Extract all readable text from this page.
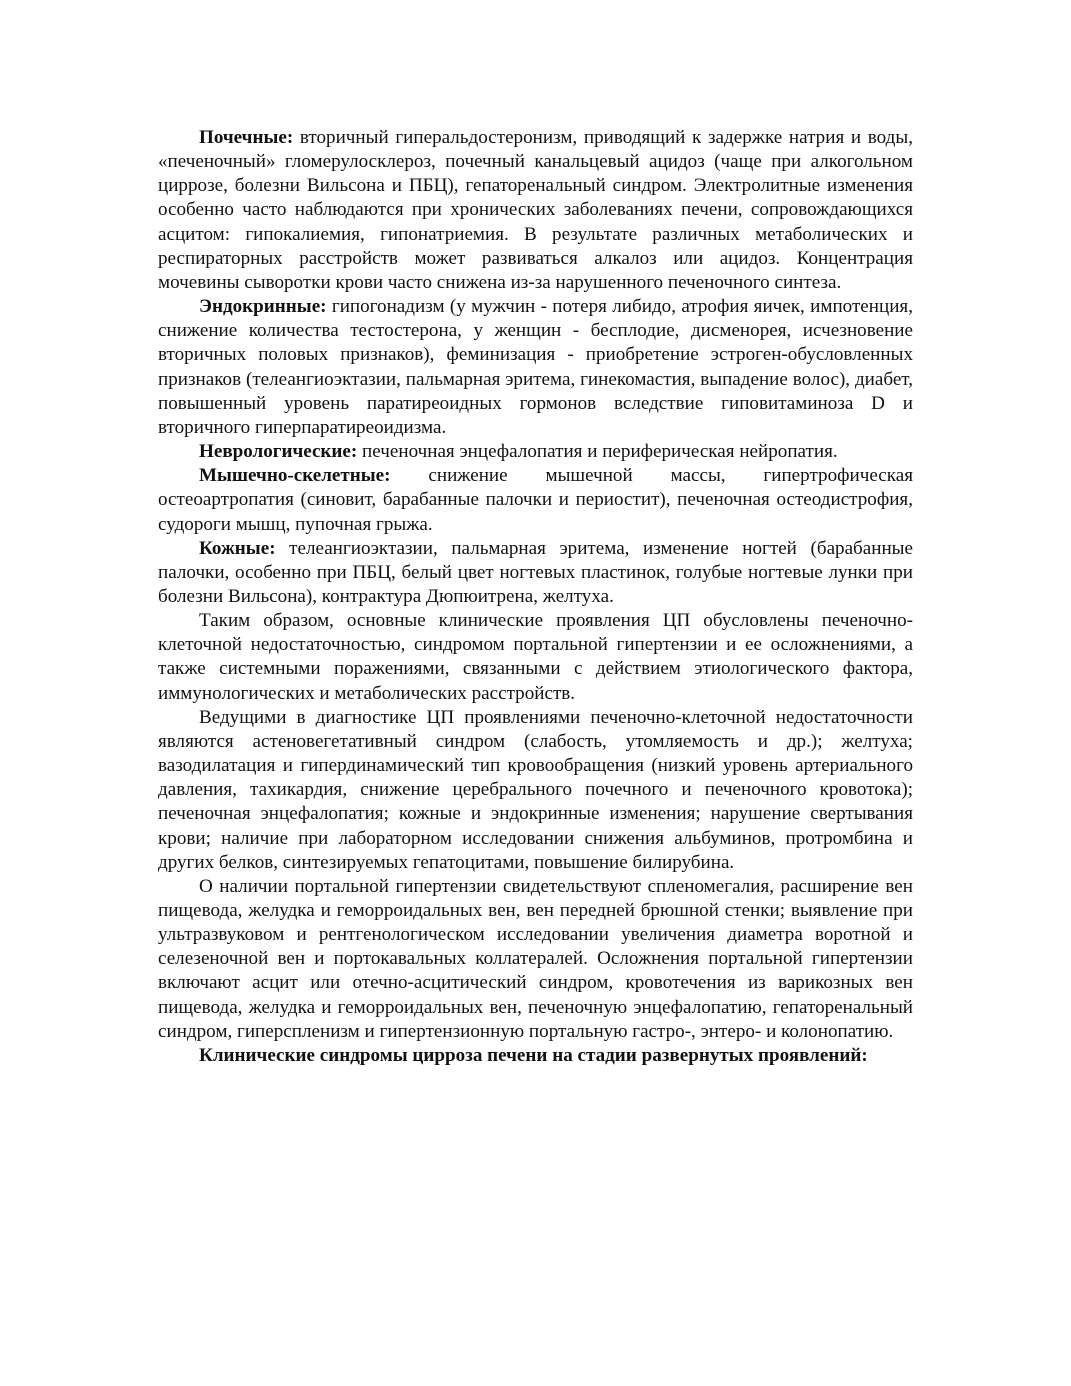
Почечные: вторичный гиперальдостеронизм, приводящий к задержке натрия и воды, «печеночный» гломерулосклероз, почечный канальцевый ацидоз (чаще при алкогольном циррозе, болезни Вильсона и ПБЦ), гепаторенальный синдром. Электролитные изменения особенно часто наблюдаются при хронических заболеваниях печени, сопровождающихся асцитом: гипокалиемия, гипонатриемия. В результате различных метаболических и респираторных расстройств может развиваться алкалоз или ацидоз. Концентрация мочевины сыворотки крови часто снижена из-за нарушенного печеночного синтеза.

Эндокринные: гипогонадизм (у мужчин - потеря либидо, атрофия яичек, импотенция, снижение количества тестостерона, у женщин - бесплодие, дисменорея, исчезновение вторичных половых признаков), феминизация - приобретение эстроген-обусловленных признаков (телеангиоэктазии, пальмарная эритема, гинекомастия, выпадение волос), диабет, повышенный уровень паратиреоидных гормонов вследствие гиповитаминоза D и вторичного гиперпаратиреоидизма.

Неврологические: печеночная энцефалопатия и периферическая нейропатия.

Мышечно-скелетные: снижение мышечной массы, гипертрофическая остеоартропатия (синовит, барабанные палочки и периостит), печеночная остеодистрофия, судороги мышц, пупочная грыжа.

Кожные: телеангиоэктазии, пальмарная эритема, изменение ногтей (барабанные палочки, особенно при ПБЦ, белый цвет ногтевых пластинок, голубые ногтевые лунки при болезни Вильсона), контрактура Дюпюитрена, желтуха.

Таким образом, основные клинические проявления ЦП обусловлены печеночно-клеточной недостаточностью, синдромом портальной гипертензии и ее осложнениями, а также системными поражениями, связанными с действием этиологического фактора, иммунологических и метаболических расстройств.

Ведущими в диагностике ЦП проявлениями печеночно-клеточной недостаточности являются астеновегетативный синдром (слабость, утомляемость и др.); желтуха; вазодилатация и гипердинамический тип кровообращения (низкий уровень артериального давления, тахикардия, снижение церебрального почечного и печеночного кровотока); печеночная энцефалопатия; кожные и эндокринные изменения; нарушение свертывания крови; наличие при лабораторном исследовании снижения альбуминов, протромбина и других белков, синтезируемых гепатоцитами, повышение билирубина.

О наличии портальной гипертензии свидетельствуют спленомегалия, расширение вен пищевода, желудка и геморроидальных вен, вен передней брюшной стенки; выявление при ультразвуковом и рентгенологическом исследовании увеличения диаметра воротной и селезеночной вен и портокавальных коллатералей. Осложнения портальной гипертензии включают асцит или отечно-асцитический синдром, кровотечения из варикозных вен пищевода, желудка и геморроидальных вен, печеночную энцефалопатию, гепаторенальный синдром, гиперспленизм и гипертензионную портальную гастро-, энтеро- и колонопатию.

Клинические синдромы цирроза печени на стадии развернутых проявлений:
